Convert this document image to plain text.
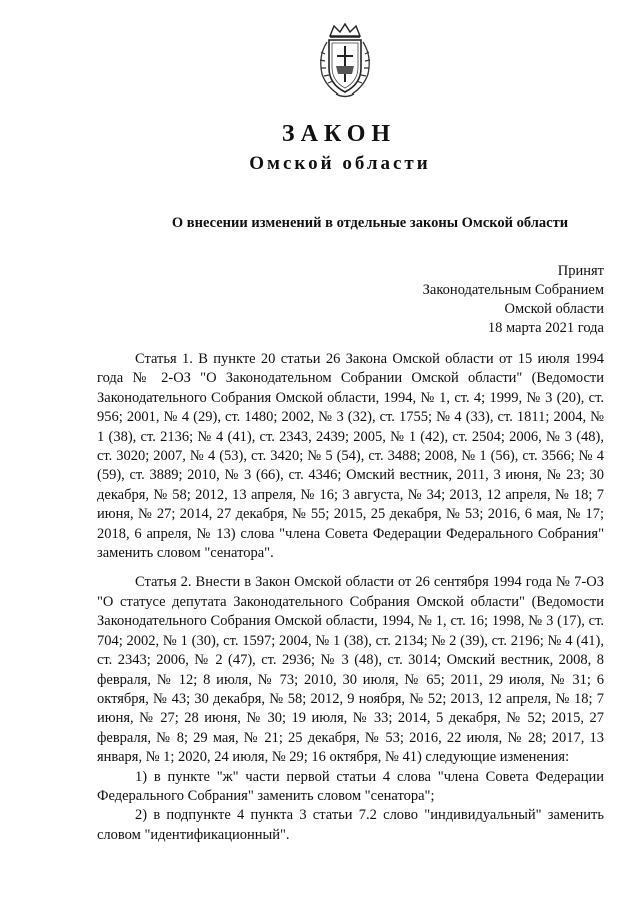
ЗАКОН
Омской области
О внесении изменений в отдельные законы Омской области
Принят
Законодательным Собранием
Омской области
18 марта 2021 года

Статья 1. В пункте 20 статьи 26 Закона Омской области от 15 июля 1994 года № 2-ОЗ "О Законодательном Собрании Омской области" (Ведомости Законодательного Собрания Омской области, 1994, № 1, ст. 4; 1999, № 3 (20), ст. 956; 2001, № 4 (29), ст. 1480; 2002, № 3 (32), ст. 1755; № 4 (33), ст. 1811; 2004, № 1 (38), ст. 2136; № 4 (41), ст. 2343, 2439; 2005, № 1 (42), ст. 2504; 2006, № 3 (48), ст. 3020; 2007, № 4 (53), ст. 3420; № 5 (54), ст. 3488; 2008, № 1 (56), ст. 3566; № 4 (59), ст. 3889; 2010, № 3 (66), ст. 4346; Омский вестник, 2011, 3 июня, № 23; 30 декабря, № 58; 2012, 13 апреля, № 16; 3 августа, № 34; 2013, 12 апреля, № 18; 7 июня, № 27; 2014, 27 декабря, № 55; 2015, 25 декабря, № 53; 2016, 6 мая, № 17; 2018, 6 апреля, № 13) слова "члена Совета Федерации Федерального Собрания" заменить словом "сенатора".

Статья 2. Внести в Закон Омской области от 26 сентября 1994 года № 7-ОЗ "О статусе депутата Законодательного Собрания Омской области" (Ведомости Законодательного Собрания Омской области, 1994, № 1, ст. 16; 1998, № 3 (17), ст. 704; 2002, № 1 (30), ст. 1597; 2004, № 1 (38), ст. 2134; № 2 (39), ст. 2196; № 4 (41), ст. 2343; 2006, № 2 (47), ст. 2936; № 3 (48), ст. 3014; Омский вестник, 2008, 8 февраля, № 12; 8 июля, № 73; 2010, 30 июля, № 65; 2011, 29 июля, № 31; 6 октября, № 43; 30 декабря, № 58; 2012, 9 ноября, № 52; 2013, 12 апреля, № 18; 7 июня, № 27; 28 июня, № 30; 19 июля, № 33; 2014, 5 декабря, № 52; 2015, 27 февраля, № 8; 29 мая, № 21; 25 декабря, № 53; 2016, 22 июля, № 28; 2017, 13 января, № 1; 2020, 24 июля, № 29; 16 октября, № 41) следующие изменения:

1) в пункте "ж" части первой статьи 4 слова "члена Совета Федерации Федерального Собрания" заменить словом "сенатора";

2) в подпункте 4 пункта 3 статьи 7.2 слово "индивидуальный" заменить словом "идентификационный".
